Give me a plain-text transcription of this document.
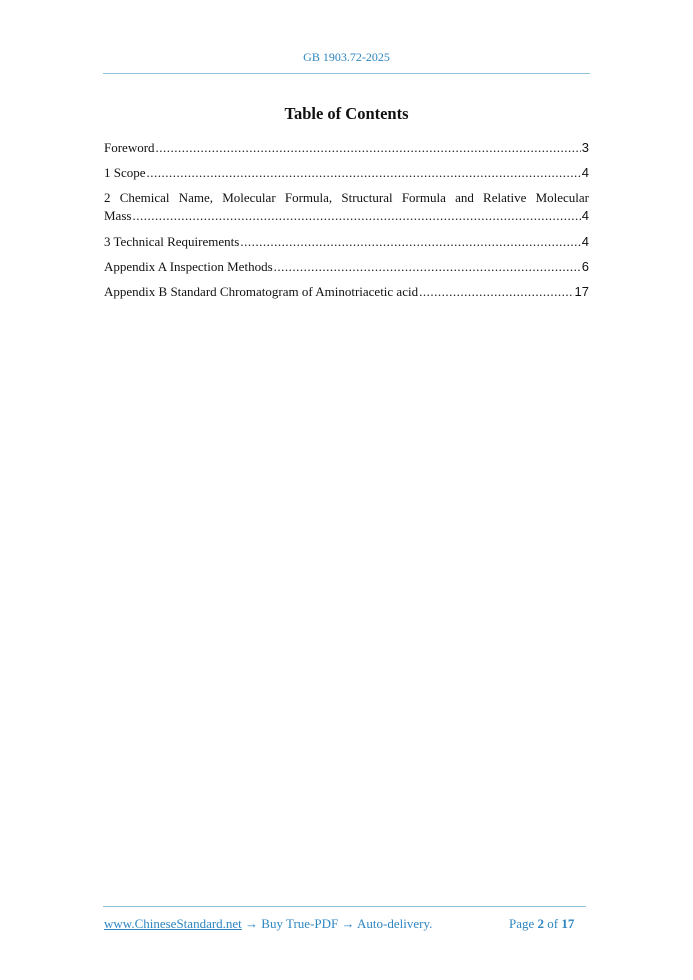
GB 1903.72-2025
Table of Contents
Foreword .....	3
1 Scope .....	4
2 Chemical Name, Molecular Formula, Structural Formula and Relative Molecular
Mass .....	4
3 Technical Requirements .....	4
Appendix A Inspection Methods .....	6
Appendix B Standard Chromatogram of Aminotriacetic acid .....	17
www.ChineseStandard.net → Buy True-PDF → Auto-delivery.	Page 2 of 17
